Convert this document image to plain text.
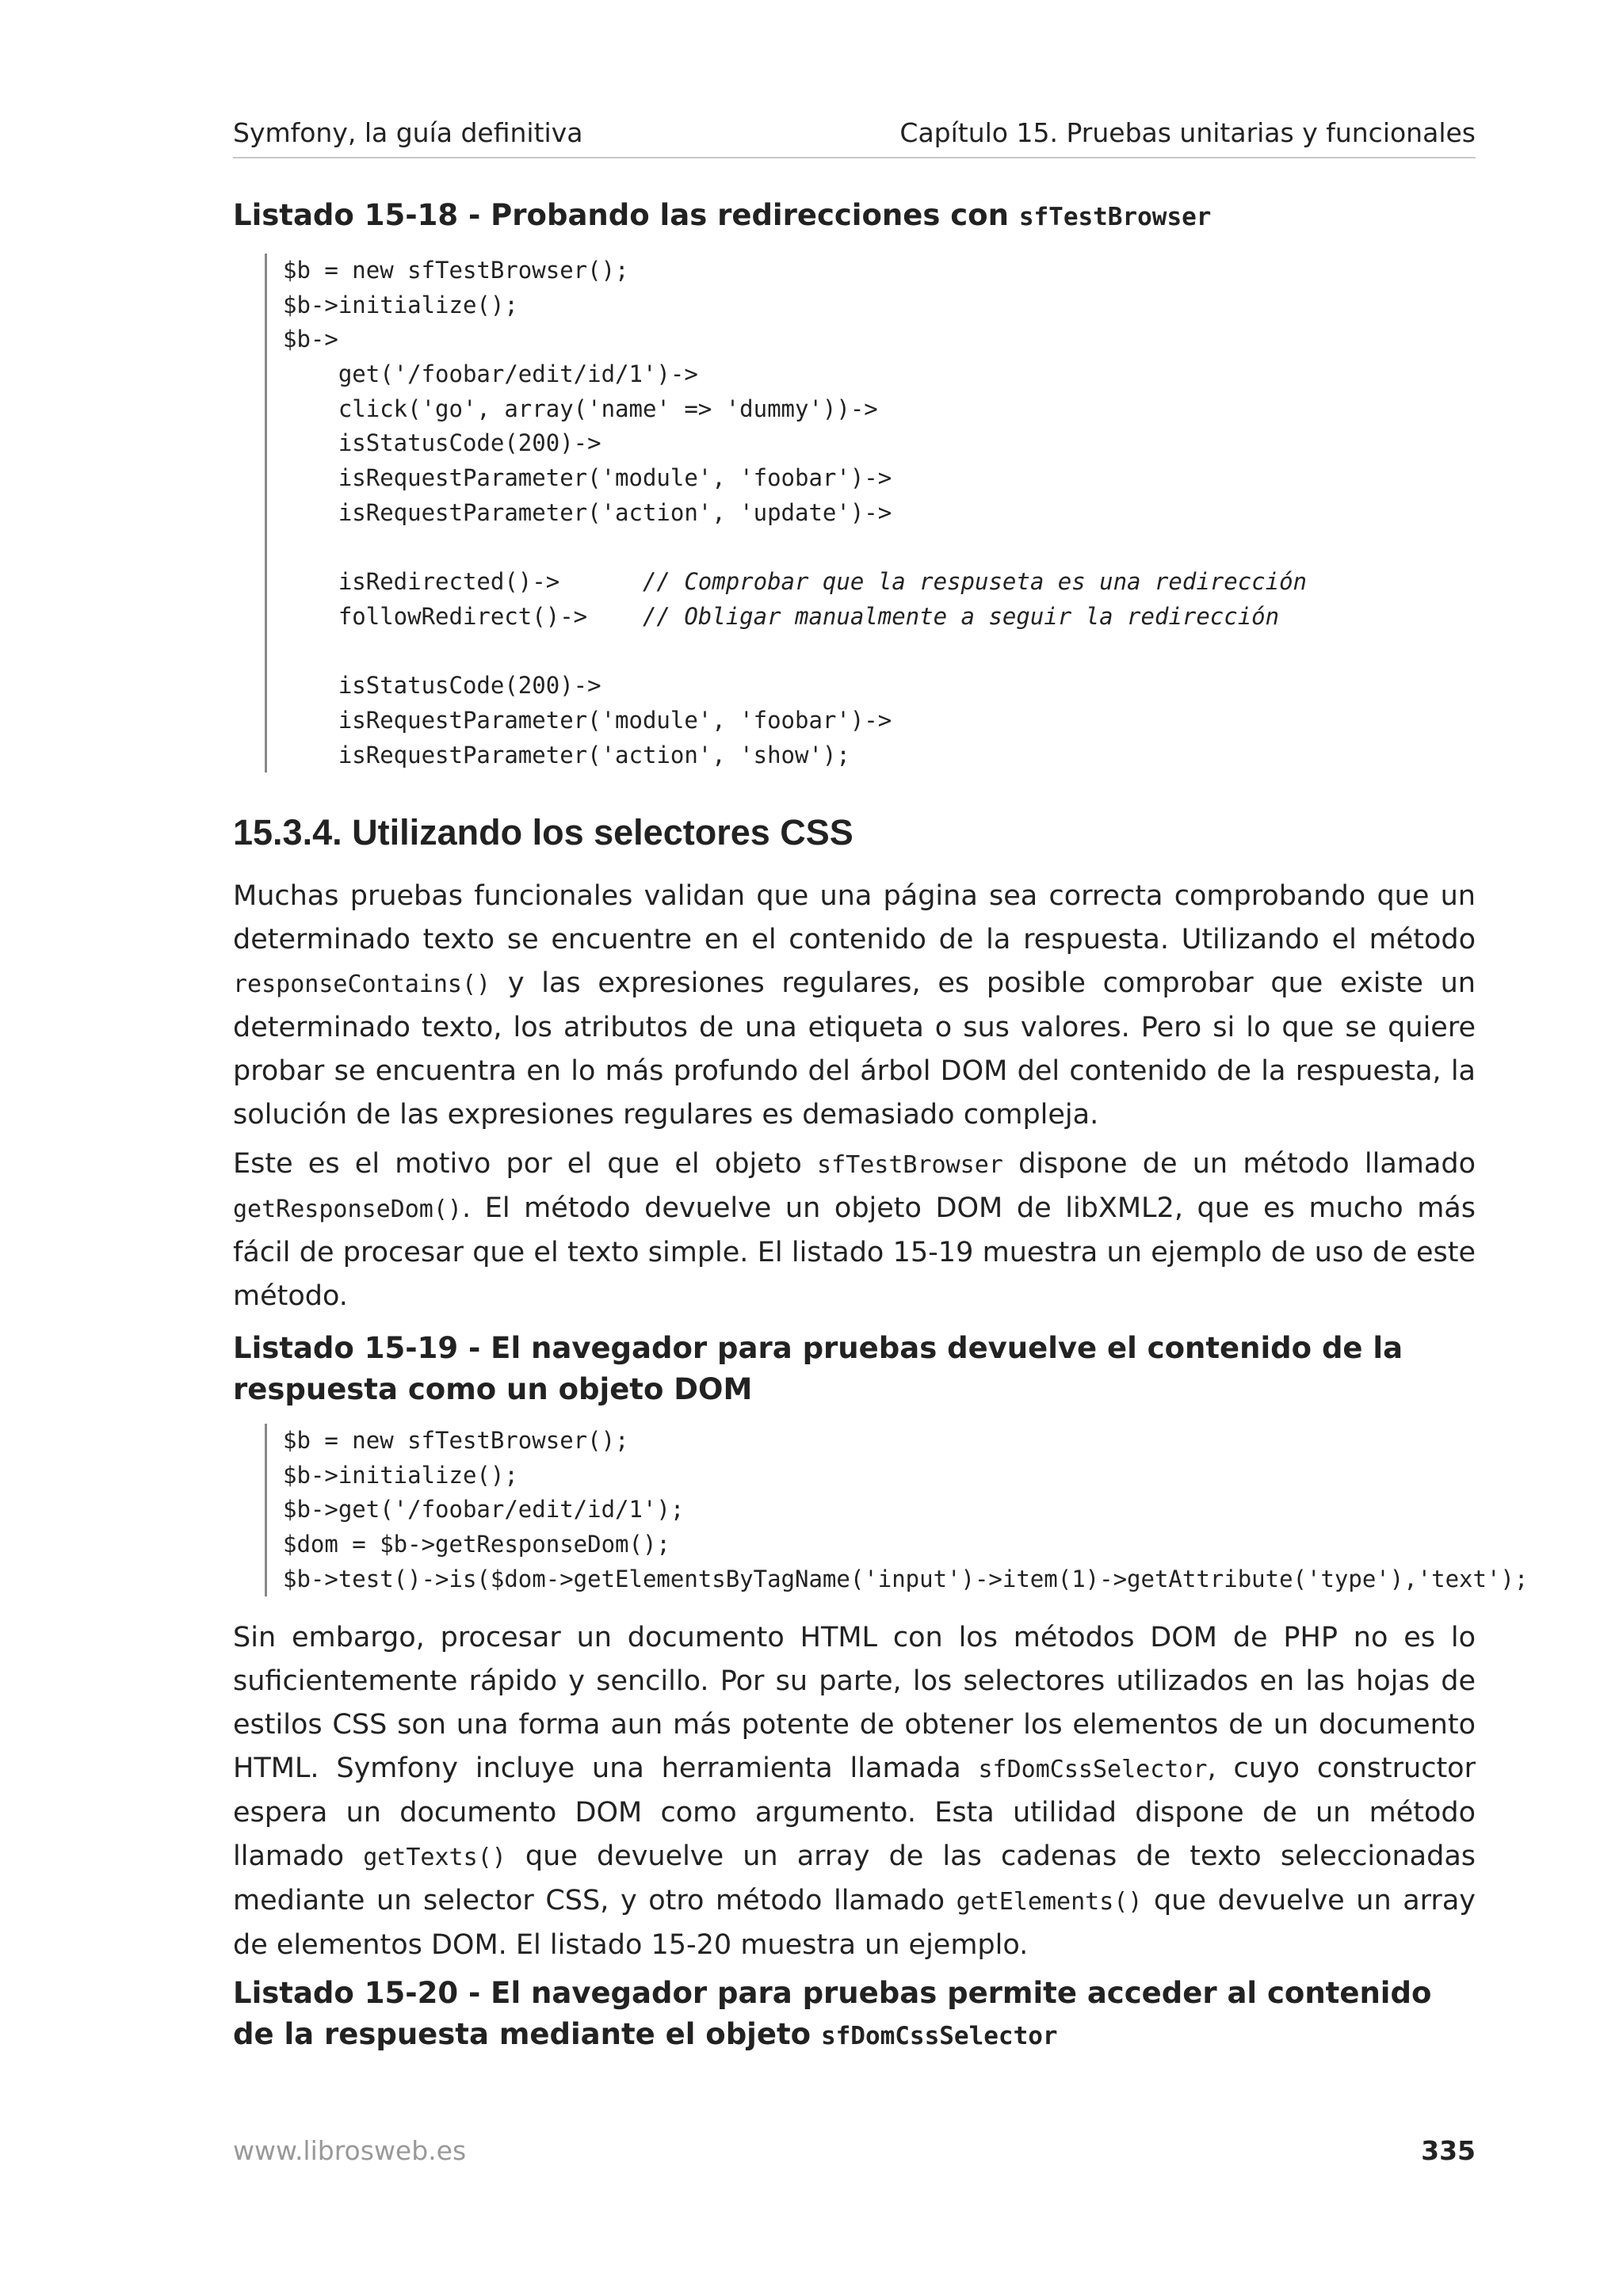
Symfony, la guía definitiva	Capítulo 15. Pruebas unitarias y funcionales
Listado 15-18 - Probando las redirecciones con sfTestBrowser
$b = new sfTestBrowser();
$b->initialize();
$b->
get('/foobar/edit/id/1')->
click('go', array('name' => 'dummy'))->
isStatusCode(200)->
isRequestParameter('module', 'foobar')->
isRequestParameter('action', 'update')->
isRedirected()->      // Comprobar que la respuseta es una redirección
followRedirect()->    // Obligar manualmente a seguir la redirección
isStatusCode(200)->
isRequestParameter('module', 'foobar')->
isRequestParameter('action', 'show');
15.3.4. Utilizando los selectores CSS

Muchas pruebas funcionales validan que una página sea correcta comprobando que un determinado texto se encuentre en el contenido de la respuesta. Utilizando el método responseContains() y las expresiones regulares, es posible comprobar que existe un determinado texto, los atributos de una etiqueta o sus valores. Pero si lo que se quiere probar se encuentra en lo más profundo del árbol DOM del contenido de la respuesta, la solución de las expresiones regulares es demasiado compleja.

Este es el motivo por el que el objeto sfTestBrowser dispone de un método llamado getResponseDom(). El método devuelve un objeto DOM de libXML2, que es mucho más fácil de procesar que el texto simple. El listado 15-19 muestra un ejemplo de uso de este método.

Listado 15-19 - El navegador para pruebas devuelve el contenido de la respuesta como un objeto DOM
$b = new sfTestBrowser();
$b->initialize();
$b->get('/foobar/edit/id/1');
$dom = $b->getResponseDom();
$b->test()->is($dom->getElementsByTagName('input')->item(1)->getAttribute('type'),'text');

Sin embargo, procesar un documento HTML con los métodos DOM de PHP no es lo suficientemente rápido y sencillo. Por su parte, los selectores utilizados en las hojas de estilos CSS son una forma aun más potente de obtener los elementos de un documento HTML. Symfony incluye una herramienta llamada sfDomCssSelector, cuyo constructor espera un documento DOM como argumento. Esta utilidad dispone de un método llamado getTexts() que devuelve un array de las cadenas de texto seleccionadas mediante un selector CSS, y otro método llamado getElements() que devuelve un array de elementos DOM. El listado 15-20 muestra un ejemplo.

Listado 15-20 - El navegador para pruebas permite acceder al contenido de la respuesta mediante el objeto sfDomCssSelector
www.librosweb.es	335
